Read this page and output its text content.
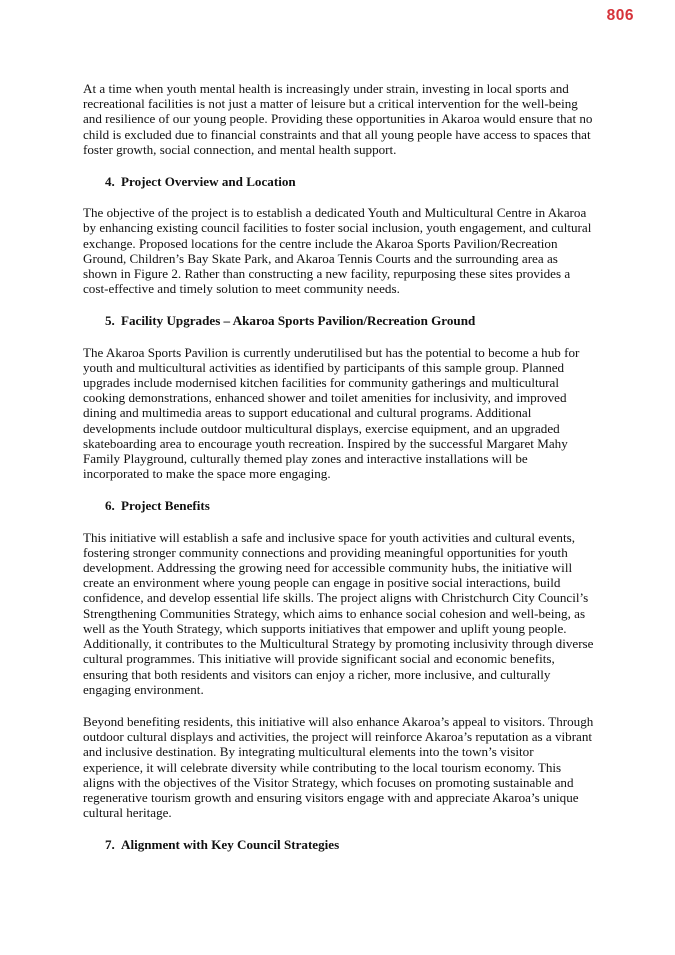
806

At a time when youth mental health is increasingly under strain, investing in local sports and recreational facilities is not just a matter of leisure but a critical intervention for the well-being and resilience of our young people. Providing these opportunities in Akaroa would ensure that no child is excluded due to financial constraints and that all young people have access to spaces that foster growth, social connection, and mental health support.

4. Project Overview and Location

The objective of the project is to establish a dedicated Youth and Multicultural Centre in Akaroa by enhancing existing council facilities to foster social inclusion, youth engagement, and cultural exchange. Proposed locations for the centre include the Akaroa Sports Pavilion/Recreation Ground, Children’s Bay Skate Park, and Akaroa Tennis Courts and the surrounding area as shown in Figure 2. Rather than constructing a new facility, repurposing these sites provides a cost-effective and timely solution to meet community needs.

5. Facility Upgrades – Akaroa Sports Pavilion/Recreation Ground

The Akaroa Sports Pavilion is currently underutilised but has the potential to become a hub for youth and multicultural activities as identified by participants of this sample group. Planned upgrades include modernised kitchen facilities for community gatherings and multicultural cooking demonstrations, enhanced shower and toilet amenities for inclusivity, and improved dining and multimedia areas to support educational and cultural programs. Additional developments include outdoor multicultural displays, exercise equipment, and an upgraded skateboarding area to encourage youth recreation. Inspired by the successful Margaret Mahy Family Playground, culturally themed play zones and interactive installations will be incorporated to make the space more engaging.

6. Project Benefits

This initiative will establish a safe and inclusive space for youth activities and cultural events, fostering stronger community connections and providing meaningful opportunities for youth development. Addressing the growing need for accessible community hubs, the initiative will create an environment where young people can engage in positive social interactions, build confidence, and develop essential life skills. The project aligns with Christchurch City Council’s Strengthening Communities Strategy, which aims to enhance social cohesion and well-being, as well as the Youth Strategy, which supports initiatives that empower and uplift young people. Additionally, it contributes to the Multicultural Strategy by promoting inclusivity through diverse cultural programmes. This initiative will provide significant social and economic benefits, ensuring that both residents and visitors can enjoy a richer, more inclusive, and culturally engaging environment.

Beyond benefiting residents, this initiative will also enhance Akaroa’s appeal to visitors. Through outdoor cultural displays and activities, the project will reinforce Akaroa’s reputation as a vibrant and inclusive destination. By integrating multicultural elements into the town’s visitor experience, it will celebrate diversity while contributing to the local tourism economy. This aligns with the objectives of the Visitor Strategy, which focuses on promoting sustainable and regenerative tourism growth and ensuring visitors engage with and appreciate Akaroa’s unique cultural heritage.

7. Alignment with Key Council Strategies
